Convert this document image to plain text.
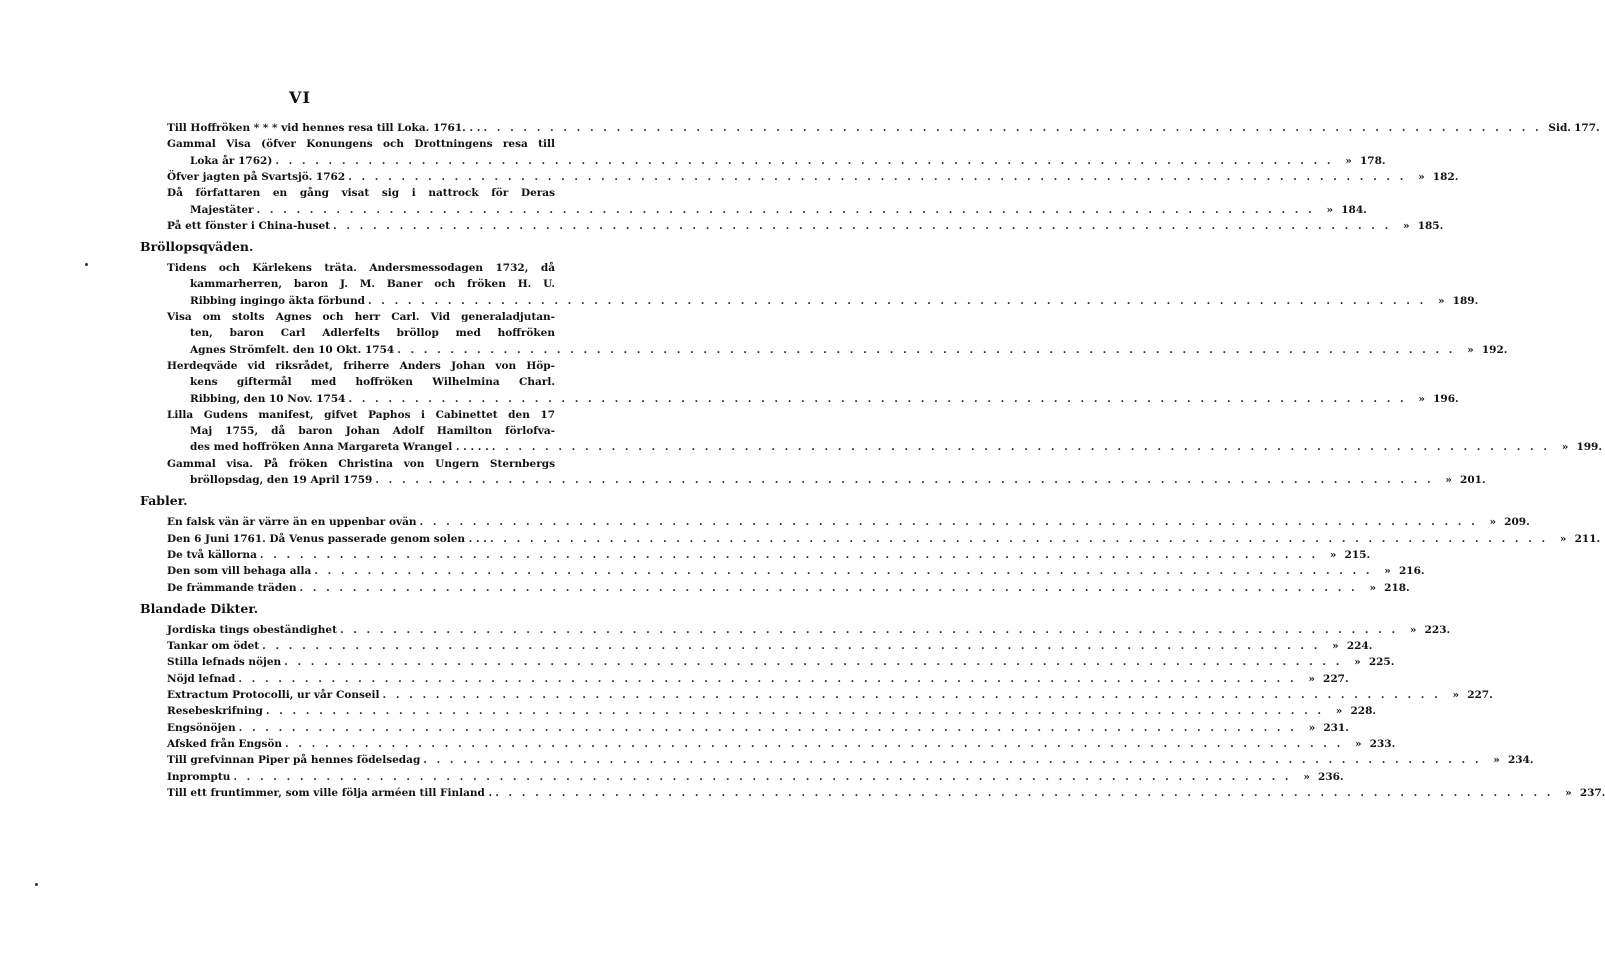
VI
Till Hoffröken * * * vid hennes resa till Loka. 1761. . . . . . . . . . . . . . . . . . . . . . . . . . . . . . . . . . . . . . . . . . . . . . . . . . . . . . . . . . . . . . . . . . . . . . . . . . . . . . . . . . . Sid. 177.
Gammal Visa (öfver Konungens och Drottningens resa till
Loka år 1762) . . . . . . . . . . . . . . . . . . . . . . . . . . . . . . . . . . . . . . . . . . . . . . . . . . . . . . . . . . . . . . . . . . . . . . . . . . . . . . . .	» 178.
Öfver jagten på Svartsjö. 1762 . . . . . . . . . . . . . . . . . . . . . . . . . . . . . . . . . . . . . . . . . . . . . . . . . . . . . . . . . . . . . . . . . . . . . . . . . . . . . . . .	» 182.
Då författaren en gång visat sig i nattrock för Deras
Majestäter . . . . . . . . . . . . . . . . . . . . . . . . . . . . . . . . . . . . . . . . . . . . . . . . . . . . . . . . . . . . . . . . . . . . . . . . . . . . . . . .	» 184.
På ett fönster i China-huset . . . . . . . . . . . . . . . . . . . . . . . . . . . . . . . . . . . . . . . . . . . . . . . . . . . . . . . . . . . . . . . . . . . . . . . . . . . . . . . .	» 185.
Bröllopsqväden.
Tidens och Kärlekens träta. Andersmessodagen 1732, då
kammarherren, baron J. M. Baner och fröken H. U.
Ribbing ingingo äkta förbund . . . . . . . . . . . . . . . . . . . . . . . . . . . . . . . . . . . . . . . . . . . . . . . . . . . . . . . . . . . . . . . . . . . . . . . . . . . . . . . .	» 189.
Visa om stolts Agnes och herr Carl. Vid generaladjutan-
ten, baron Carl Adlerfelts bröllop med hoffröken
Agnes Strömfelt. den 10 Okt. 1754 . . . . . . . . . . . . . . . . . . . . . . . . . . . . . . . . . . . . . . . . . . . . . . . . . . . . . . . . . . . . . . . . . . . . . . . . . . . . . . . .	» 192.
Herdeqväde vid riksrådet, friherre Anders Johan von Höp-
kens giftermål med hoffröken Wilhelmina Charl.
Ribbing, den 10 Nov. 1754 . . . . . . . . . . . . . . . . . . . . . . . . . . . . . . . . . . . . . . . . . . . . . . . . . . . . . . . . . . . . . . . . . . . . . . . . . . . . . . . .	» 196.
Lilla Gudens manifest, gifvet Paphos i Cabinettet den 17
Maj 1755, då baron Johan Adolf Hamilton förlofva-
des med hoffröken Anna Margareta Wrangel . . . . . . . . . . . . . . . . . . . . . . . . . . . . . . . . . . . . . . . . . . . . . . . . . . . . . . . . . . . . . . . . . . . . . . . . . . . . . . . . . . . . .	» 199.
Gammal visa. På fröken Christina von Ungern Sternbergs
bröllopsdag, den 19 April 1759 . . . . . . . . . . . . . . . . . . . . . . . . . . . . . . . . . . . . . . . . . . . . . . . . . . . . . . . . . . . . . . . . . . . . . . . . . . . . . . . .	» 201.
Fabler.
En falsk vän är värre än en uppenbar ovän . . . . . . . . . . . . . . . . . . . . . . . . . . . . . . . . . . . . . . . . . . . . . . . . . . . . . . . . . . . . . . . . . . . . . . . . . . . . . . . .	» 209.
Den 6 Juni 1761. Då Venus passerade genom solen . . . . . . . . . . . . . . . . . . . . . . . . . . . . . . . . . . . . . . . . . . . . . . . . . . . . . . . . . . . . . . . . . . . . . . . . . . . . . . . . . . .	» 211.
De två källorna . . . . . . . . . . . . . . . . . . . . . . . . . . . . . . . . . . . . . . . . . . . . . . . . . . . . . . . . . . . . . . . . . . . . . . . . . . . . . . . .	» 215.
Den som vill behaga alla . . . . . . . . . . . . . . . . . . . . . . . . . . . . . . . . . . . . . . . . . . . . . . . . . . . . . . . . . . . . . . . . . . . . . . . . . . . . . . . .	» 216.
De främmande träden . . . . . . . . . . . . . . . . . . . . . . . . . . . . . . . . . . . . . . . . . . . . . . . . . . . . . . . . . . . . . . . . . . . . . . . . . . . . . . . .	» 218.
Blandade Dikter.
Jordiska tings obeständighet . . . . . . . . . . . . . . . . . . . . . . . . . . . . . . . . . . . . . . . . . . . . . . . . . . . . . . . . . . . . . . . . . . . . . . . . . . . . . . . .	» 223.
Tankar om ödet . . . . . . . . . . . . . . . . . . . . . . . . . . . . . . . . . . . . . . . . . . . . . . . . . . . . . . . . . . . . . . . . . . . . . . . . . . . . . . . .	» 224.
Stilla lefnads nöjen . . . . . . . . . . . . . . . . . . . . . . . . . . . . . . . . . . . . . . . . . . . . . . . . . . . . . . . . . . . . . . . . . . . . . . . . . . . . . . . .	» 225.
Nöjd lefnad . . . . . . . . . . . . . . . . . . . . . . . . . . . . . . . . . . . . . . . . . . . . . . . . . . . . . . . . . . . . . . . . . . . . . . . . . . . . . . . .	» 227.
Extractum Protocolli, ur vår Conseil . . . . . . . . . . . . . . . . . . . . . . . . . . . . . . . . . . . . . . . . . . . . . . . . . . . . . . . . . . . . . . . . . . . . . . . . . . . . . . . .	» 227.
Resebeskrifning . . . . . . . . . . . . . . . . . . . . . . . . . . . . . . . . . . . . . . . . . . . . . . . . . . . . . . . . . . . . . . . . . . . . . . . . . . . . . . . .	» 228.
Engsönöjen . . . . . . . . . . . . . . . . . . . . . . . . . . . . . . . . . . . . . . . . . . . . . . . . . . . . . . . . . . . . . . . . . . . . . . . . . . . . . . . .	» 231.
Afsked från Engsön . . . . . . . . . . . . . . . . . . . . . . . . . . . . . . . . . . . . . . . . . . . . . . . . . . . . . . . . . . . . . . . . . . . . . . . . . . . . . . . .	» 233.
Till grefvinnan Piper på hennes födelsedag . . . . . . . . . . . . . . . . . . . . . . . . . . . . . . . . . . . . . . . . . . . . . . . . . . . . . . . . . . . . . . . . . . . . . . . . . . . . . . . .	» 234.
Inpromptu . . . . . . . . . . . . . . . . . . . . . . . . . . . . . . . . . . . . . . . . . . . . . . . . . . . . . . . . . . . . . . . . . . . . . . . . . . . . . . . .	» 236.
Till ett fruntimmer, som ville följa arméen till Finland . . . . . . . . . . . . . . . . . . . . . . . . . . . . . . . . . . . . . . . . . . . . . . . . . . . . . . . . . . . . . . . . . . . . . . . . . . . . . . . . .	» 237.
